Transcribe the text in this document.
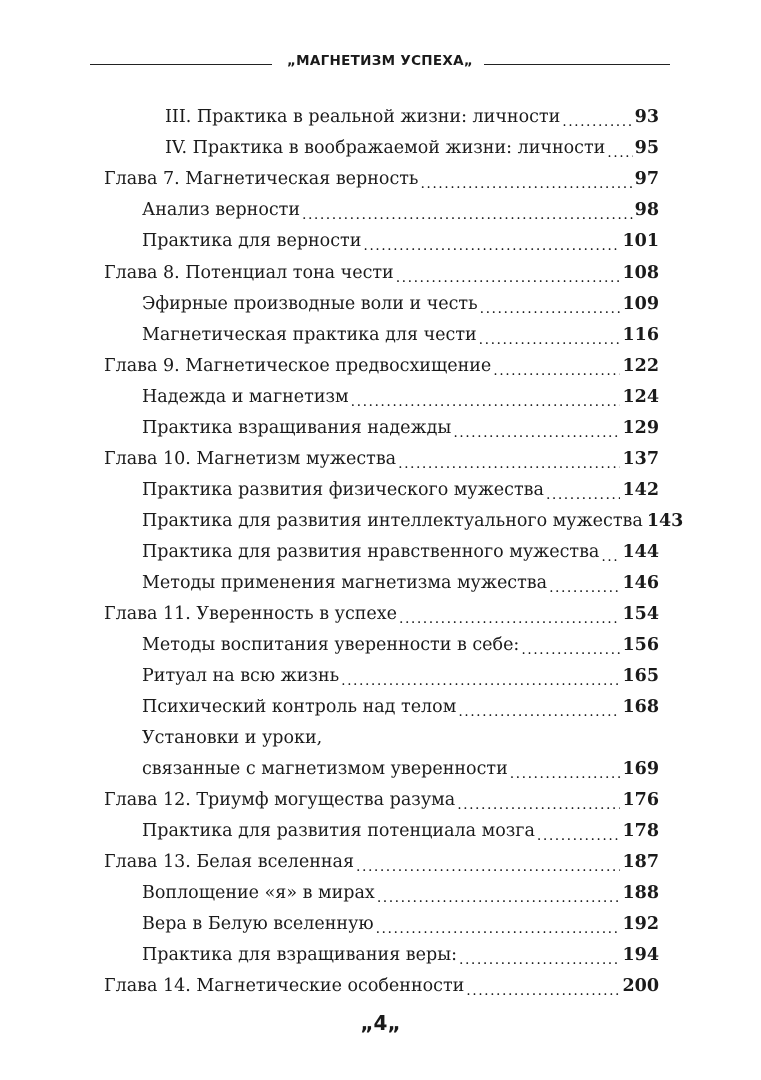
„МАГНЕТИЗМ УСПЕХА„
III. Практика в реальной жизни: личности .....	93
IV. Практика в воображаемой жизни: личности ..... 95
Глава 7. Магнетическая верность .....	97
Анализ верности .....	98
Практика для верности .....	101
Глава 8. Потенциал тона чести .....	108
Эфирные производные воли и честь .....	109
Магнетическая практика для чести .....	116
Глава 9. Магнетическое предвосхищение .....	122
Надежда и магнетизм .....	124
Практика взращивания надежды .....	129
Глава 10. Магнетизм мужества .....	137
Практика развития физического мужества .....	142
Практика для развития интеллектуального мужества 143
Практика для развития нравственного мужества ..... 144
Методы применения магнетизма мужества .....	146
Глава 11. Уверенность в успехе .....	154
Методы воспитания уверенности в себе: .....	156
Ритуал на всю жизнь .....	165
Психический контроль над телом .....	168
Установки и уроки,
связанные с магнетизмом уверенности .....	169
Глава 12. Триумф могущества разума .....	176
Практика для развития потенциала мозга .....	178
Глава 13. Белая вселенная .....	187
Воплощение «я» в мирах .....	188
Вера в Белую вселенную .....	192
Практика для взращивания веры: .....	194
Глава 14. Магнетические особенности .....	200
„4„
